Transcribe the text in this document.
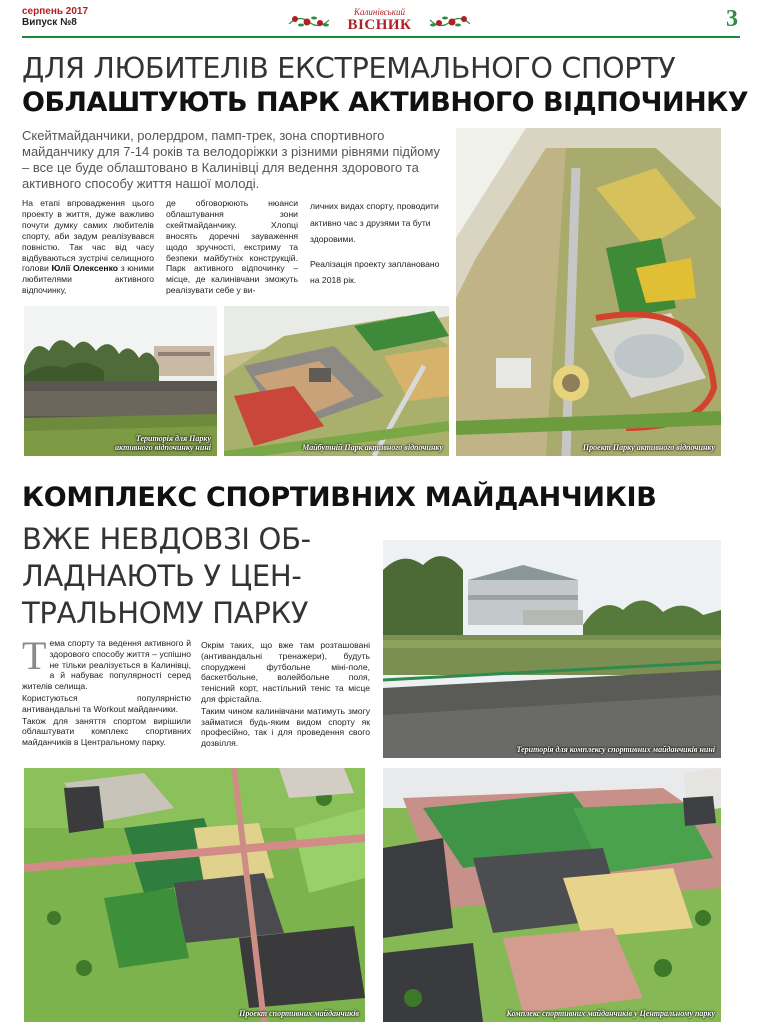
серпень 2017
Випуск №8
Калинівський
ВІСНИК	3
ДЛЯ ЛЮБИТЕЛІВ ЕКСТРЕМАЛЬНОГО СПОРТУ
ОБЛАШТУЮТЬ ПАРК АКТИВНОГО ВІДПОЧИНКУ
Скейтмайданчики, ролердром, памп-трек, зона спортивного майданчику для 7-14 років та велодоріжки з різними рівнями підйому – все це буде облаштовано в Калинівці для ведення здорового та активного способу життя нашої молоді.
На етапі впровадження цього проекту в життя, дуже важливо почути думку самих любителів спорту, аби задум реалізувався повністю. Так час від часу відбуваються зустрічі селищного голови Юлії Олексенко з юними любителями активного відпочинку,
де обговорюють нюанси облаштування зони скейтмайданчику. Хлопці вносять доречні зауваження щодо зручності, екстриму та безпеки майбутніх конструкцій. Парк активного відпочинку – місце, де калинівчани зможуть реалізувати себе у ви-

личних видах спорту, проводити активно час з друзями та бути здоровими.

Реалізація проекту заплановано на 2018 рік.

Територія для Парку
активного відпочинку нині	Майбутній Парк активного відпочинку	Проект Парку активного відпочинку
КОМПЛЕКС СПОРТИВНИХ МАЙДАНЧИКІВ
ВЖЕ НЕВДОВЗІ ОБ-
ЛАДНАЮТЬ У ЦЕН-
ТРАЛЬНОМУ ПАРКУ

Тема спорту та ведення активного й здорового способу життя – успішно не тільки реалізується в Калинівці, а й набуває популярності серед жителів селища.

Користуються популярністю антивандальні та Workout майданчики.

Також для заняття спортом вирішили облаштувати комплекс спортивних майданчиків в Центральному парку.

Окрім таких, що вже там розташовані (антивандальні тренажери), будуть споруджені футбольне міні-поле, баскетбольне, волейбольне поля, тенісний корт, настільний теніс та місце для фрістайла.

Таким чином калинівчани матимуть змогу займатися будь-яким видом спорту як професійно, так і для проведення свого дозвілля.

Територія для комплексу спортивних майданчиків нині
Проект спортивних майданчиків	Комплекс спортивних майданчиків у Центральному парку
